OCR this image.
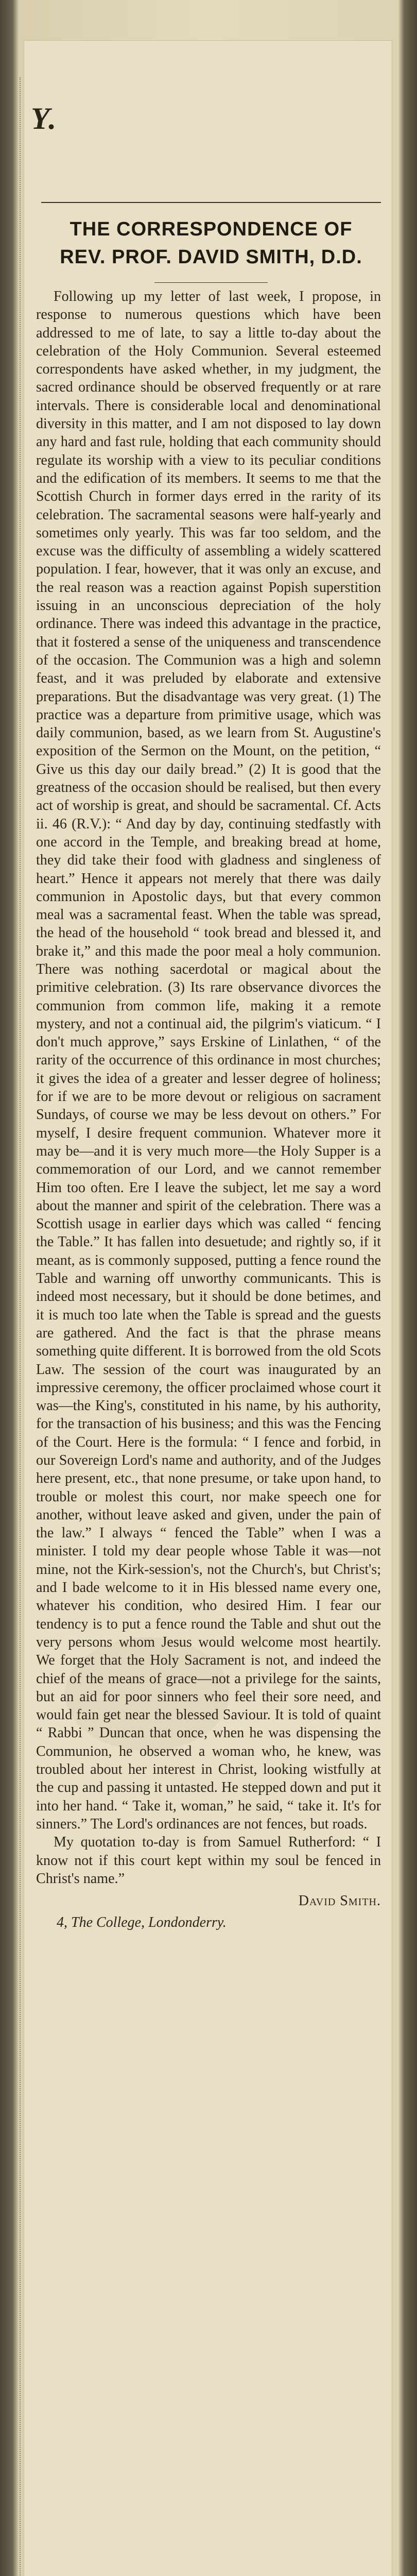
Y.
THE CORRESPONDENCE OF
REV. PROF. DAVID SMITH, D.D.

Following up my letter of last week, I propose, in response to numerous questions which have been addressed to me of late, to say a little to-day about the celebration of the Holy Communion. Several esteemed correspondents have asked whether, in my judgment, the sacred ordinance should be observed frequently or at rare intervals. There is considerable local and denominational diversity in this matter, and I am not disposed to lay down any hard and fast rule, holding that each community should regulate its worship with a view to its peculiar conditions and the edification of its members. It seems to me that the Scottish Church in former days erred in the rarity of its celebration. The sacramental seasons were half-yearly and sometimes only yearly. This was far too seldom, and the excuse was the difficulty of assembling a widely scattered population. I fear, however, that it was only an excuse, and the real reason was a reaction against Popish superstition issuing in an unconscious depreciation of the holy ordinance. There was indeed this advantage in the practice, that it fostered a sense of the uniqueness and transcendence of the occasion. The Communion was a high and solemn feast, and it was preluded by elaborate and extensive preparations. But the disadvantage was very great. (1) The practice was a departure from primitive usage, which was daily communion, based, as we learn from St. Augustine's exposition of the Sermon on the Mount, on the petition, “ Give us this day our daily bread.” (2) It is good that the greatness of the occasion should be realised, but then every act of worship is great, and should be sacramental. Cf. Acts ii. 46 (R.V.): “ And day by day, continuing stedfastly with one accord in the Temple, and breaking bread at home, they did take their food with gladness and singleness of heart.” Hence it appears not merely that there was daily communion in Apostolic days, but that every common meal was a sacramental feast. When the table was spread, the head of the household “ took bread and blessed it, and brake it,” and this made the poor meal a holy communion. There was nothing sacerdotal or magical about the primitive celebration. (3) Its rare observance divorces the communion from common life, making it a remote mystery, and not a continual aid, the pilgrim's viaticum. “ I don't much approve,” says Erskine of Linlathen, “ of the rarity of the occurrence of this ordinance in most churches; it gives the idea of a greater and lesser degree of holiness; for if we are to be more devout or religious on sacrament Sundays, of course we may be less devout on others.” For myself, I desire frequent communion. Whatever more it may be—and it is very much more—the Holy Supper is a commemoration of our Lord, and we cannot remember Him too often. Ere I leave the subject, let me say a word about the manner and spirit of the celebration. There was a Scottish usage in earlier days which was called “ fencing the Table.” It has fallen into desuetude; and rightly so, if it meant, as is commonly supposed, putting a fence round the Table and warning off unworthy communicants. This is indeed most necessary, but it should be done betimes, and it is much too late when the Table is spread and the guests are gathered. And the fact is that the phrase means something quite different. It is borrowed from the old Scots Law. The session of the court was inaugurated by an impressive ceremony, the officer proclaimed whose court it was—the King's, constituted in his name, by his authority, for the transaction of his business; and this was the Fencing of the Court. Here is the formula: “ I fence and forbid, in our Sovereign Lord's name and authority, and of the Judges here present, etc., that none presume, or take upon hand, to trouble or molest this court, nor make speech one for another, without leave asked and given, under the pain of the law.” I always “ fenced the Table” when I was a minister. I told my dear people whose Table it was—not mine, not the Kirk-session's, not the Church's, but Christ's; and I bade welcome to it in His blessed name every one, whatever his condition, who desired Him. I fear our tendency is to put a fence round the Table and shut out the very persons whom Jesus would welcome most heartily. We forget that the Holy Sacrament is not, and indeed the chief of the means of grace—not a privilege for the saints, but an aid for poor sinners who feel their sore need, and would fain get near the blessed Saviour. It is told of quaint “ Rabbi ” Duncan that once, when he was dispensing the Communion, he observed a woman who, he knew, was troubled about her interest in Christ, looking wistfully at the cup and passing it untasted. He stepped down and put it into her hand. “ Take it, woman,” he said, “ take it. It's for sinners.” The Lord's ordinances are not fences, but roads.

My quotation to-day is from Samuel Rutherford: “ I know not if this court kept within my soul be fenced in Christ's name.”

David Smith.
4, The College, Londonderry.
